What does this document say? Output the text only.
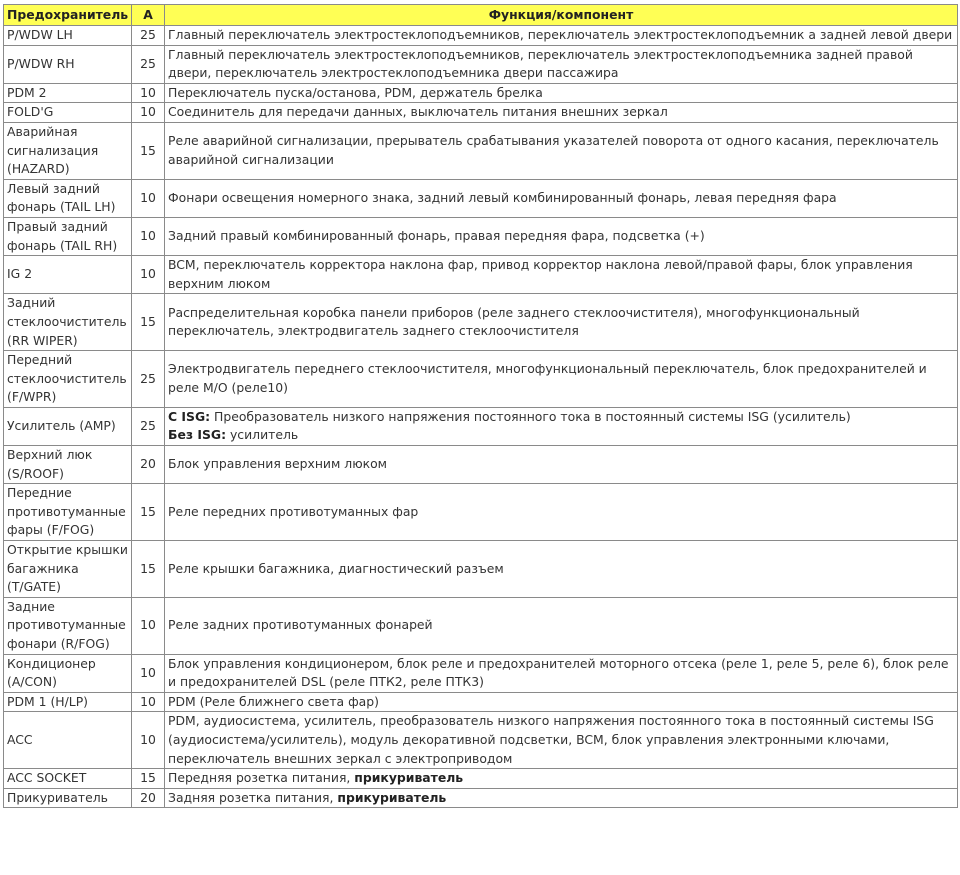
Предохранитель	A	Функция/компонент
P/WDW LH	25	Главный переключатель электростеклоподъемников, переключатель электростеклоподъемник а задней левой двери
P/WDW RH	25	Главный переключатель электростеклоподъемников, переключатель электростеклоподъемника задней правой двери, переключатель электростеклоподъемника двери пассажира
PDM 2	10	Переключатель пуска/останова, PDM, держатель брелка
FOLD'G	10	Соединитель для передачи данных, выключатель питания внешних зеркал
Аварийная сигнализация (HAZARD)	15	Реле аварийной сигнализации, прерыватель срабатывания указателей поворота от одного касания, переключатель аварийной сигнализации
Левый задний фонарь (TAIL LH)	10	Фонари освещения номерного знака, задний левый комбинированный фонарь, левая передняя фара
Правый задний фонарь (TAIL RH)	10	Задний правый комбинированный фонарь, правая передняя фара, подсветка (+)
IG 2	10	BCM, переключатель корректора наклона фар, привод корректор наклона левой/правой фары, блок управления верхним люком
Задний стеклоочиститель (RR WIPER)	15	Распределительная коробка панели приборов (реле заднего стеклоочистителя), многофункциональный переключатель, электродвигатель заднего стеклоочистителя
Передний стеклоочиститель (F/WPR)	25	Электродвигатель переднего стеклоочистителя, многофункциональный переключатель, блок предохранителей и реле M/O (реле10)
Усилитель (AMP)	25	С ISG: Преобразователь низкого напряжения постоянного тока в постоянный системы ISG (усилитель)
Без ISG: усилитель

Верхний люк (S/ROOF)	20	Блок управления верхним люком
Передние противотуманные фары (F/FOG)	15	Реле передних противотуманных фар
Открытие крышки багажника (T/GATE)	15	Реле крышки багажника, диагностический разъем
Задние противотуманные фонари (R/FOG)	10	Реле задних противотуманных фонарей
Кондиционер (A/CON)	10	Блок управления кондиционером, блок реле и предохранителей моторного отсека (реле 1, реле 5, реле 6), блок реле и предохранителей DSL (реле ПТК2, реле ПТК3)
PDM 1 (H/LP)	10	PDM (Реле ближнего света фар)
ACC	10	PDM, аудиосистема, усилитель, преобразователь низкого напряжения постоянного тока в постоянный системы ISG (аудиосистема/усилитель), модуль декоративной подсветки, BCM, блок управления электронными ключами, переключатель внешних зеркал с электроприводом
ACC SOCKET	15	Передняя розетка питания, прикуриватель
Прикуриватель	20	Задняя розетка питания, прикуриватель
